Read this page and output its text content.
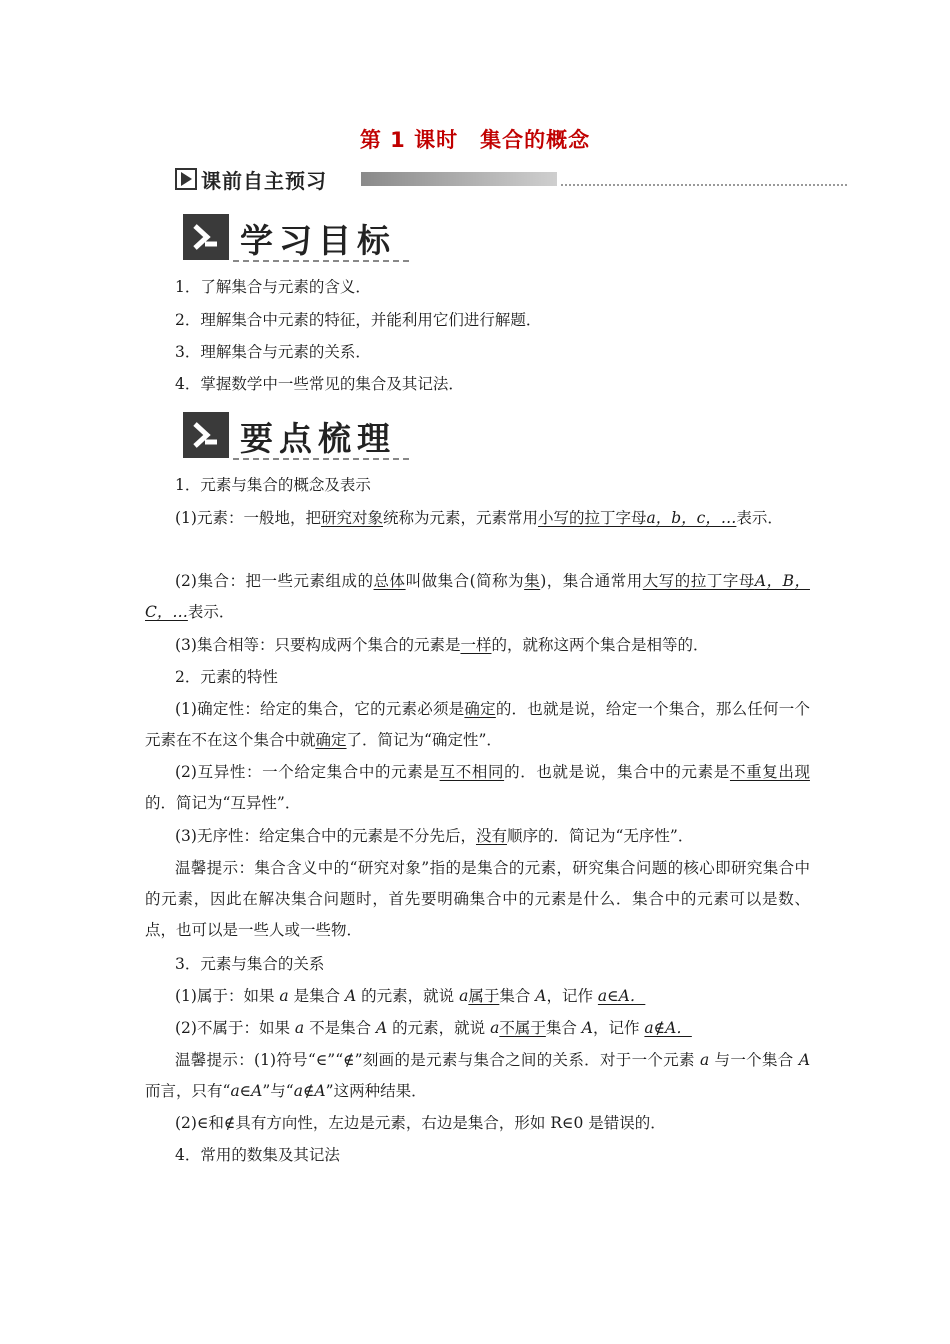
第 1 课时　集合的概念
课前自主预习
学习目标
1．了解集合与元素的含义．
2．理解集合中元素的特征，并能利用它们进行解题．
3．理解集合与元素的关系．
4．掌握数学中一些常见的集合及其记法．
要点梳理
1．元素与集合的概念及表示
(1)元素：一般地，把研究对象统称为元素，元素常用小写的拉丁字母a，b，c，…表示．
(2)集合：把一些元素组成的总体叫做集合(简称为集)，集合通常用大写的拉丁字母A，B，C，…表示．
(3)集合相等：只要构成两个集合的元素是一样的，就称这两个集合是相等的．
2．元素的特性
(1)确定性：给定的集合，它的元素必须是确定的．也就是说，给定一个集合，那么任何一个元素在不在这个集合中就确定了．简记为“确定性”．
(2)互异性：一个给定集合中的元素是互不相同的．也就是说，集合中的元素是不重复出现的．简记为“互异性”．
(3)无序性：给定集合中的元素是不分先后，没有顺序的．简记为“无序性”．
温馨提示：集合含义中的“研究对象”指的是集合的元素，研究集合问题的核心即研究集合中的元素，因此在解决集合问题时，首先要明确集合中的元素是什么．集合中的元素可以是数、点，也可以是一些人或一些物．
3．元素与集合的关系
(1)属于：如果 a 是集合 A 的元素，就说 a属于集合 A，记作 a∈A．
(2)不属于：如果 a 不是集合 A 的元素，就说 a不属于集合 A，记作 a∉A．
温馨提示：(1)符号“∈”“∉”刻画的是元素与集合之间的关系．对于一个元素 a 与一个集合 A 而言，只有“a∈A”与“a∉A”这两种结果．
(2)∈和∉具有方向性，左边是元素，右边是集合，形如 R∈0 是错误的．
4．常用的数集及其记法
